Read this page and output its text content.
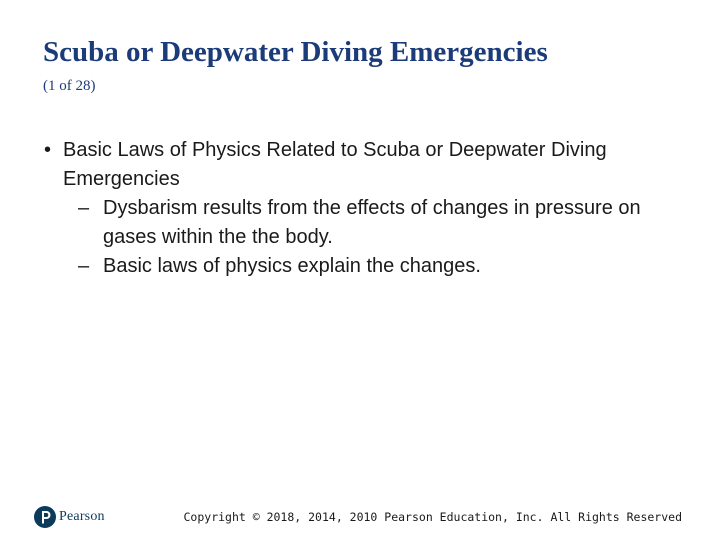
Scuba or Deepwater Diving Emergencies
(1 of 28)
• Basic Laws of Physics Related to Scuba or Deepwater Diving Emergencies
– Dysbarism results from the effects of changes in pressure on gases within the the body.
– Basic laws of physics explain the changes.
Pearson	Copyright © 2018, 2014, 2010 Pearson Education, Inc. All Rights Reserved
